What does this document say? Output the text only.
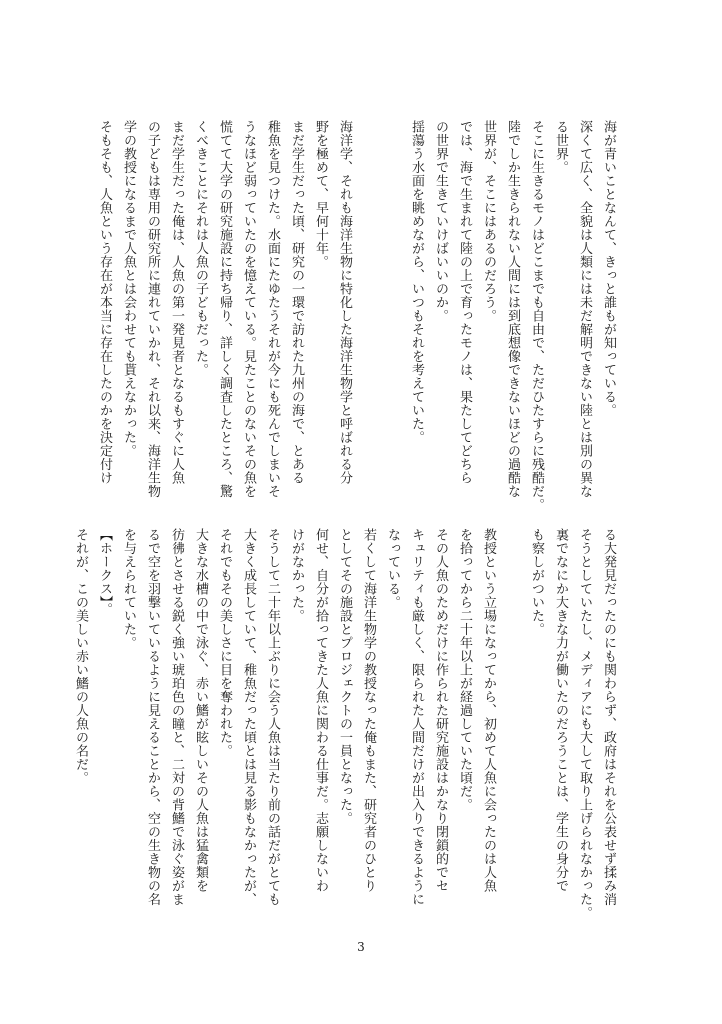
海が青いことなんて、きっと誰もが知っている。
深くて広く、全貌は人類には未だ解明できない陸とは別の異な
る世界。
そこに生きるモノはどこまでも自由で、ただひたすらに残酷だ。
陸でしか生きられない人間には到底想像できないほどの過酷な
世界が、そこにはあるのだろう。
では、海で生まれて陸の上で育ったモノは、果たしてどちら
の世界で生きていけばいいのか。
揺蕩う水面を眺めながら、いつもそれを考えていた。

海洋学、それも海洋生物に特化した海洋生物学と呼ばれる分
野を極めて、早何十年。
まだ学生だった頃、研究の一環で訪れた九州の海で、とある
稚魚を見つけた。水面にたゆたうそれが今にも死んでしまいそ
うなほど弱っていたのを憶えている。見たことのないその魚を
慌てて大学の研究施設に持ち帰り、詳しく調査したところ、驚
くべきことにそれは人魚の子どもだった。
まだ学生だった俺は、人魚の第一発見者となるもすぐに人魚
の子どもは専用の研究所に連れていかれ、それ以来、海洋生物
学の教授になるまで人魚とは会わせても貰えなかった。
そもそも、人魚という存在が本当に存在したのかを決定付け
る大発見だったのにも関わらず、政府はそれを公表せず揉み消
そうとしていたし、メディアにも大して取り上げられなかった。
裏でなにか大きな力が働いたのだろうことは、学生の身分で
も察しがついた。

教授という立場になってから、初めて人魚に会ったのは人魚
を拾ってから二十年以上が経過していた頃だ。
その人魚のためだけに作られた研究施設はかなり閉鎖的でセ
キュリティも厳しく、限られた人間だけが出入りできるように
なっている。
若くして海洋生物学の教授なった俺もまた、研究者のひとり
としてその施設とプロジェクトの一員となった。
何せ、自分が拾ってきた人魚に関わる仕事だ。志願しないわ
けがなかった。
そうして二十年以上ぶりに会う人魚は当たり前の話だがとても
大きく成長していて、稚魚だった頃とは見る影もなかったが、
それでもその美しさに目を奪われた。
大きな水槽の中で泳ぐ、赤い鰭が眩しいその人魚は猛禽類を
彷彿とさせる鋭く強い琥珀色の瞳と、二対の背鰭で泳ぐ姿がま
るで空を羽撃いているように見えることから、空の生き物の名
を与えられていた。
【ホークス】。
それが、この美しい赤い鰭の人魚の名だ。
3
